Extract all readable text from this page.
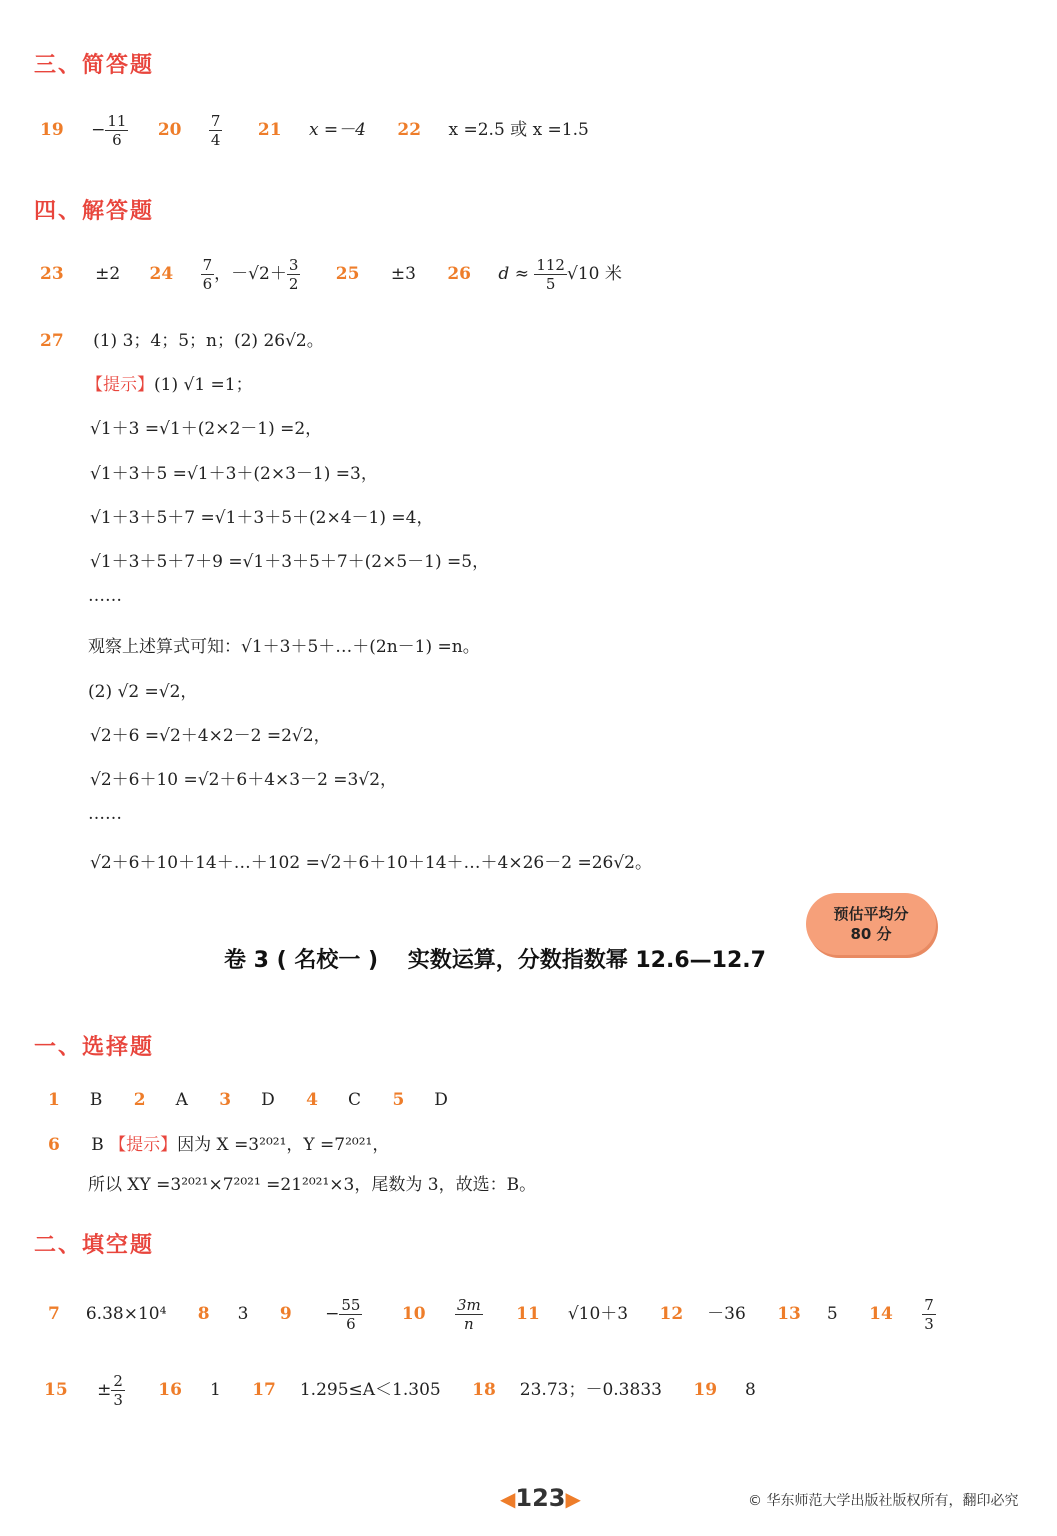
三、简答题
$19 - \frac{11}{6} 20 \frac{7}{4} 21$ x =－4 22 x =2.5 或 x =1.5
四、解答题
23 ±2 $24 \frac{7}{6}$ ，$-√2+ \frac{3}{2} 25 \pm 3$ 26 $d \approx \frac{112}{5} √10$ 米
27 (1) 3；4；5；n；(2) 26√2。
【提示】(1) √1 =1；
√1＋3 =√1＋(2×2－1) =2，
√1＋3＋5 =√1＋3＋(2×3－1) =3，
√1＋3＋5＋7 =√1＋3＋5＋(2×4－1) =4，
√1＋3＋5＋7＋9 =√1＋3＋5＋7＋(2×5－1) =5，
……
观察上述算式可知：√1＋3＋5＋…＋(2n－1) =n。
(2) √2 =√2，
√2＋6 =√2＋4×2－2 =2√2，
√2＋6＋10 =√2＋6＋4×3－2 =3√2，
……
√2＋6＋10＋14＋…＋102 =√2＋6＋10＋14＋…＋4×26－2 =26√2。
卷 3 ( 名校一 )　 实数运算，分数指数幂 12.6—12.7
预估平均分
80 分
一、选择题
1 B 2 A 3 D 4 C 5 D
6 B 【提示】因为 X =3²⁰²¹，Y =7²⁰²¹，
所以 XY =3²⁰²¹×7²⁰²¹ =21²⁰²¹×3，尾数为 3，故选：B。
二、填空题
7 6.38×10⁴ 8 3 $9 - \frac{55}{6} 10 \frac{3m}{n} 11$ √10＋3 12 －36 13 5 $14 \frac{7}{3}$
$15 \pm \frac{2}{3} 16$ 1 17 1.295≤A＜1.305 18 23.73；－0.3833 19 8
◀123▶	© 华东师范大学出版社版权所有，翻印必究
